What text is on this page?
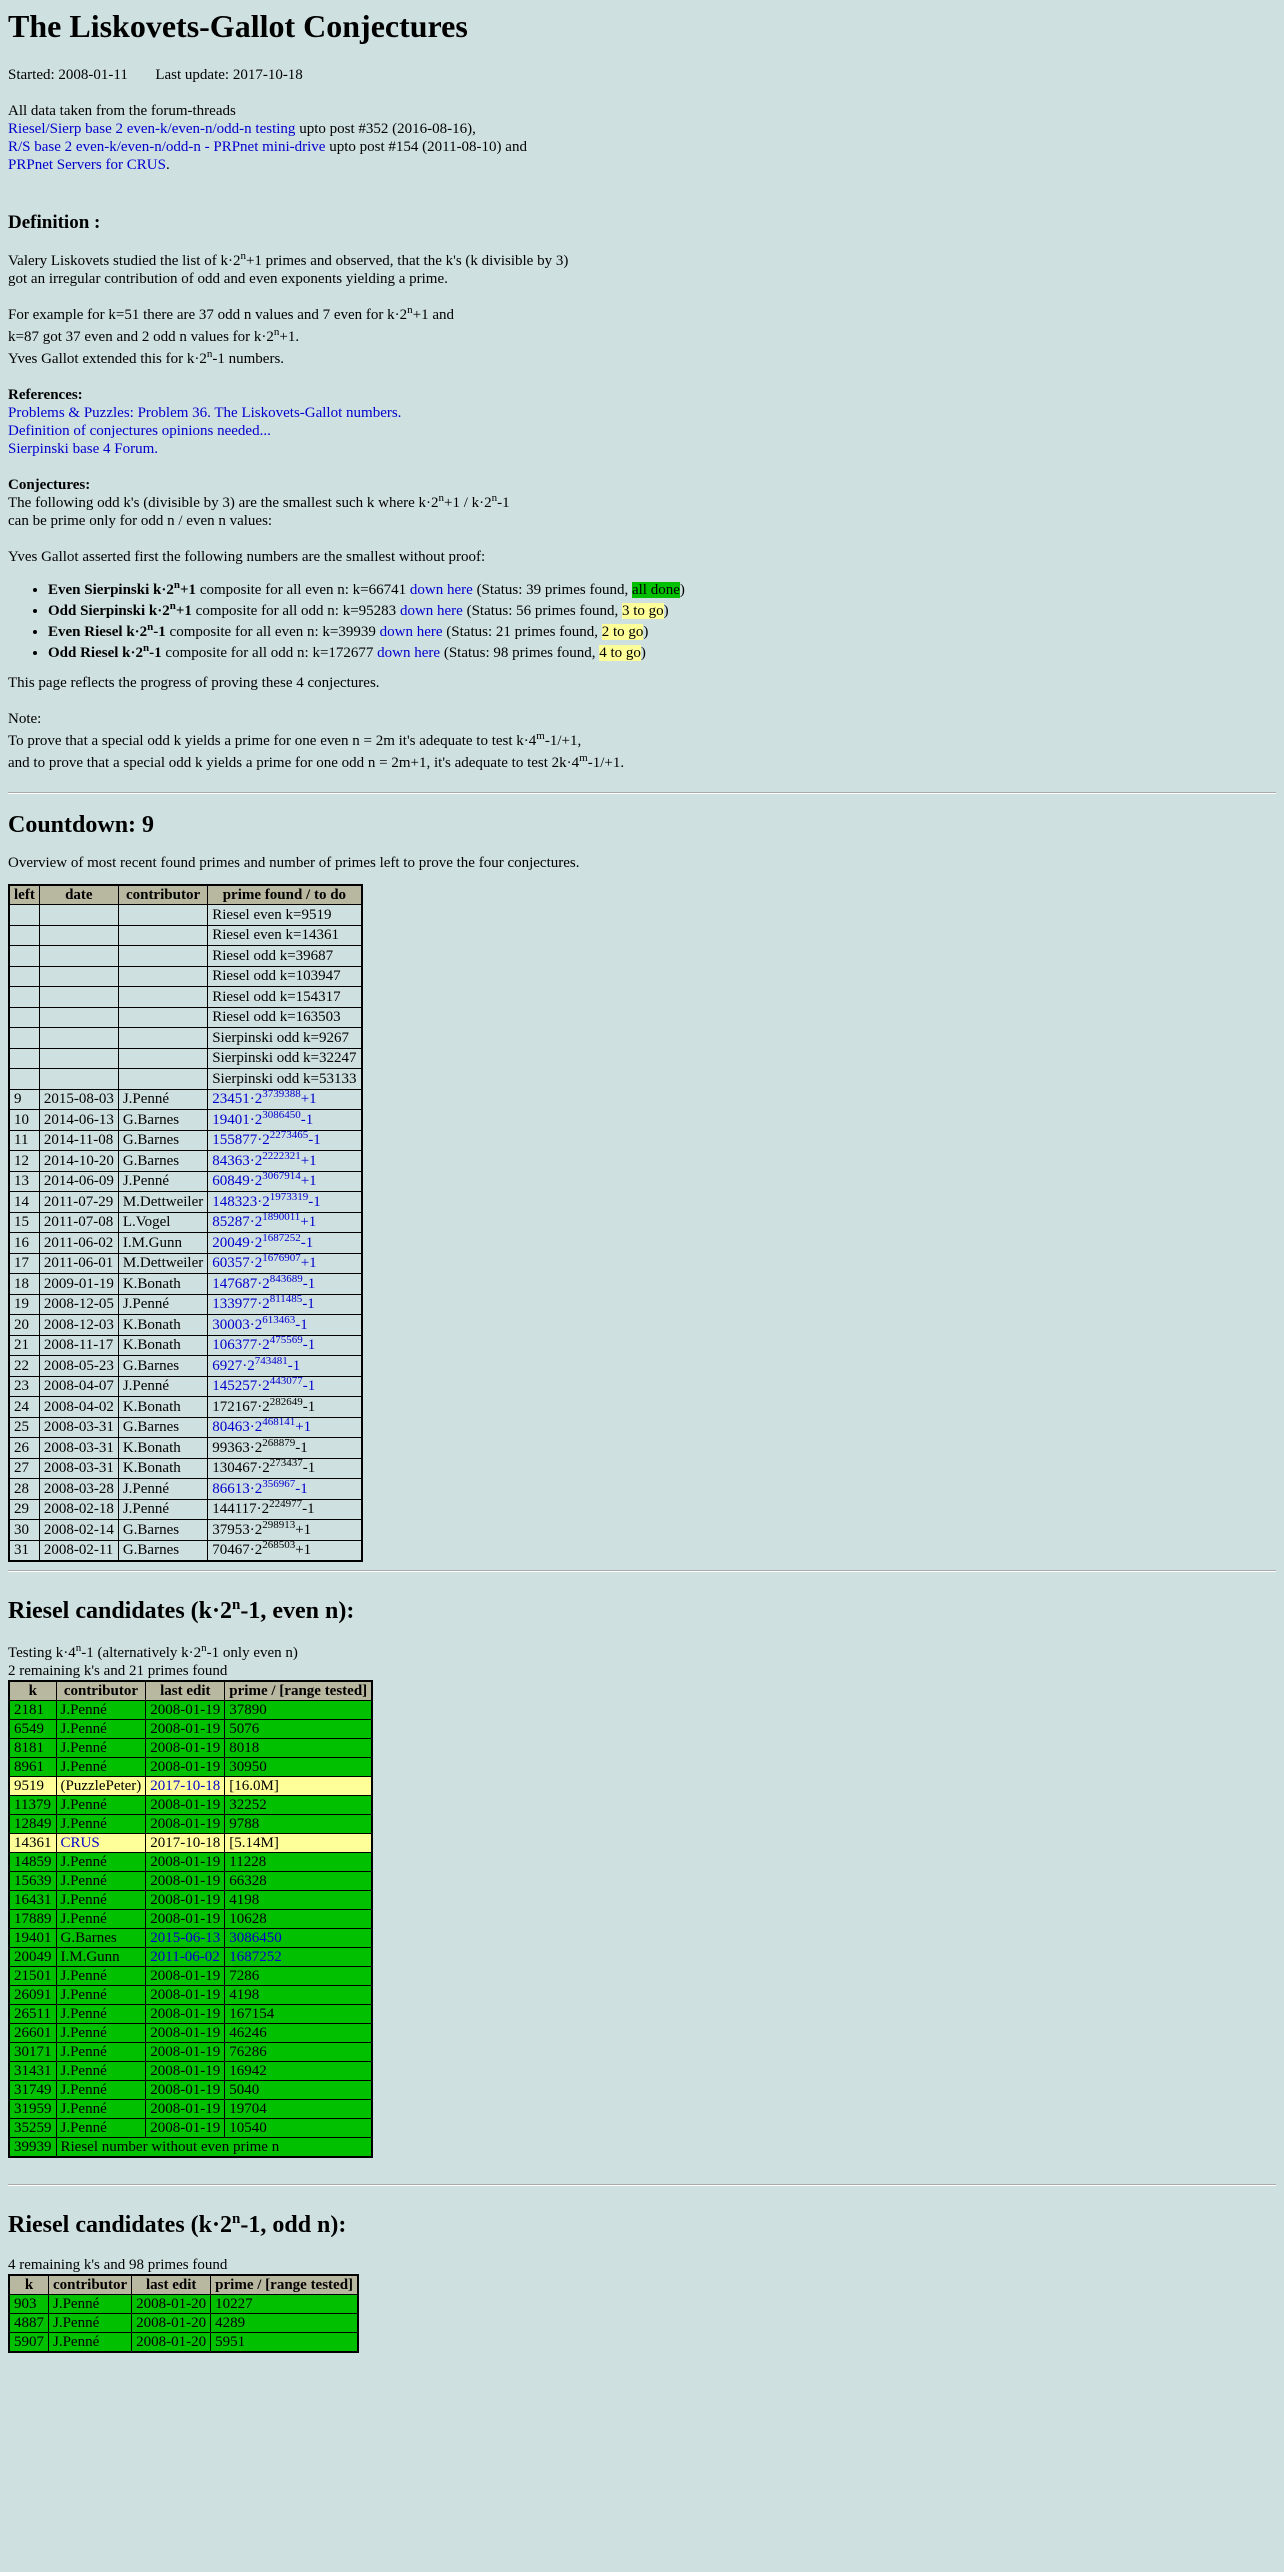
The Liskovets-Gallot Conjectures

Started: 2008-01-11 Last update: 2017-10-18

All data taken from the forum-threads

Riesel/Sierp base 2 even-k/even-n/odd-n testing upto post #352 (2016-08-16),

R/S base 2 even-k/even-n/odd-n - PRPnet mini-drive upto post #154 (2011-08-10) and

PRPnet Servers for CRUS.

Definition :

Valery Liskovets studied the list of $k\cdot 2^n+1$ primes and observed, that the k's (k divisible by 3)

got an irregular contribution of odd and even exponents yielding a prime.

For example for k=51 there are 37 odd n values and 7 even for $k\cdot 2^n+1$ and

k=87 got 37 even and 2 odd n values for $k\cdot 2^n+1$.

Yves Gallot extended this for $k\cdot 2^n-1$ numbers.

References:

Problems & Puzzles: Problem 36. The Liskovets-Gallot numbers.

Definition of conjectures opinions needed...

Sierpinski base 4 Forum.

Conjectures:

The following odd k's (divisible by 3) are the smallest such k where $k\cdot 2^n+1 / k\cdot 2^n-1$

can be prime only for odd n / even n values:

Yves Gallot asserted first the following numbers are the smallest without proof:

• Even Sierpinski $k\cdot 2^n+1$ composite for all even n: k=66741 down here (Status: 39 primes found, all done)
• Odd Sierpinski $k\cdot 2^n+1$ composite for all odd n: k=95283 down here (Status: 56 primes found, 3 to go)
• Even Riesel $k\cdot 2^n-1$ composite for all even n: k=39939 down here (Status: 21 primes found, 2 to go)
• Odd Riesel $k\cdot 2^n-1$ composite for all odd n: k=172677 down here (Status: 98 primes found, 4 to go)

This page reflects the progress of proving these 4 conjectures.

Note:

To prove that a special odd k yields a prime for one even n = 2m it's adequate to test $k\cdot 4^m-1/+1$,

and to prove that a special odd k yields a prime for one odd n = 2m+1, it's adequate to test $2k\cdot 4^m-1/+1$.

Countdown: 9

Overview of most recent found primes and number of primes left to prove the four conjectures.

left	date	contributor	prime found / to do
			Riesel even k=9519
			Riesel even k=14361
			Riesel odd k=39687
			Riesel odd k=103947
			Riesel odd k=154317
			Riesel odd k=163503
			Sierpinski odd k=9267
			Sierpinski odd k=32247
			Sierpinski odd k=53133
9	2015-08-03	J.Penné	23451·2$^{3739388}$+1
10	2014-06-13	G.Barnes	19401·2$^{3086450}$-1
11	2014-11-08	G.Barnes	155877·2$^{2273465}$-1
12	2014-10-20	G.Barnes	84363·2$^{2222321}$+1
13	2014-06-09	J.Penné	60849·2$^{3067914}$+1
14	2011-07-29	M.Dettweiler	148323·2$^{1973319}$-1
15	2011-07-08	L.Vogel	85287·2$^{1890011}$+1
16	2011-06-02	I.M.Gunn	20049·2$^{1687252}$-1
17	2011-06-01	M.Dettweiler	60357·2$^{1676907}$+1
18	2009-01-19	K.Bonath	147687·2$^{843689}$-1
19	2008-12-05	J.Penné	133977·2$^{811485}$-1
20	2008-12-03	K.Bonath	30003·2$^{613463}$-1
21	2008-11-17	K.Bonath	106377·2$^{475569}$-1
22	2008-05-23	G.Barnes	6927·2$^{743481}$-1
23	2008-04-07	J.Penné	145257·2$^{443077}$-1
24	2008-04-02	K.Bonath	$172167\cdot 2^{282649}-1$
25	2008-03-31	G.Barnes	80463·2$^{468141}$+1
26	2008-03-31	K.Bonath	$99363\cdot 2^{268879}-1$
27	2008-03-31	K.Bonath	$130467\cdot 2^{273437}-1$
28	2008-03-28	J.Penné	86613·2$^{356967}$-1
29	2008-02-18	J.Penné	$144117\cdot 2^{224977}-1$
30	2008-02-14	G.Barnes	$37953\cdot 2^{298913}+1$
31	2008-02-11	G.Barnes	$70467\cdot 2^{268503}+1$
Riesel candidates ($k\cdot 2^n-1$, even n):

Testing $k\cdot 4^n-1$ (alternatively $k\cdot 2^n-1$ only even n)

2 remaining k's and 21 primes found

k	contributor	last edit	prime / [range tested]
2181	J.Penné	2008-01-19	37890
6549	J.Penné	2008-01-19	5076
8181	J.Penné	2008-01-19	8018
8961	J.Penné	2008-01-19	30950
9519	(PuzzlePeter)	2017-10-18	[16.0M]
11379	J.Penné	2008-01-19	32252
12849	J.Penné	2008-01-19	9788
14361	CRUS	2017-10-18	[5.14M]
14859	J.Penné	2008-01-19	11228
15639	J.Penné	2008-01-19	66328
16431	J.Penné	2008-01-19	4198
17889	J.Penné	2008-01-19	10628
19401	G.Barnes	2015-06-13	3086450
20049	I.M.Gunn	2011-06-02	1687252
21501	J.Penné	2008-01-19	7286
26091	J.Penné	2008-01-19	4198
26511	J.Penné	2008-01-19	167154
26601	J.Penné	2008-01-19	46246
30171	J.Penné	2008-01-19	76286
31431	J.Penné	2008-01-19	16942
31749	J.Penné	2008-01-19	5040
31959	J.Penné	2008-01-19	19704
35259	J.Penné	2008-01-19	10540
39939	Riesel number without even prime n		
Riesel candidates ($k\cdot 2^n-1$, odd n):

4 remaining k's and 98 primes found

k	contributor	last edit	prime / [range tested]
903	J.Penné	2008-01-20	10227
4887	J.Penné	2008-01-20	4289
5907	J.Penné	2008-01-20	5951
